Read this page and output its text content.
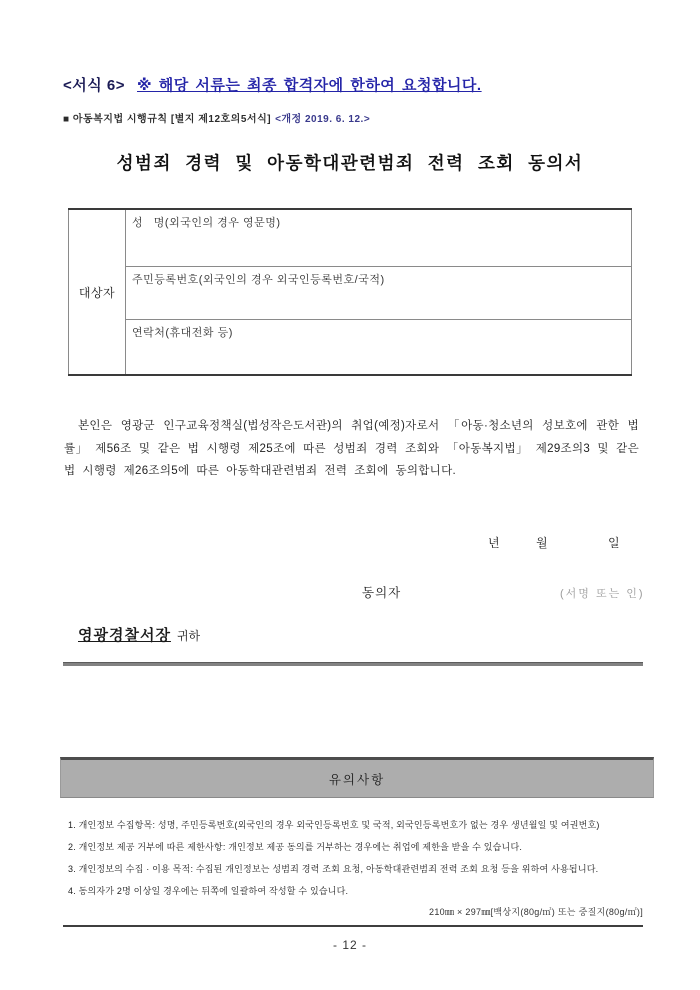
<서식 6> ※ 해당 서류는 최종 합격자에 한하여 요청합니다.
■ 아동복지법 시행규칙 [별지 제12호의5서식] <개정 2019. 6. 12.>
성범죄 경력 및 아동학대관련범죄 전력 조회 동의서
대상자	성   명(외국인의 경우 영문명)

주민등록번호(외국인의 경우 외국인등록번호/국적)

연락처(휴대전화 등)
본인은 영광군 인구교육정책실(법성작은도서관)의 취업(예정)자로서 「아동·청소년의 성보호에 관한 법률」 제56조 및 같은 법 시행령 제25조에 따른 성범죄 경력 조회와 「아동복지법」 제29조의3 및 같은 법 시행령 제26조의5에 따른 아동학대관련범죄 전력 조회에 동의합니다.
년	월	일
동의자	(서명 또는 인)
영광경찰서장 귀하
유의사항
1. 개인정보 수집항목: 성명, 주민등록번호(외국인의 경우 외국인등록번호 및 국적, 외국인등록번호가 없는 경우 생년월일 및 여권번호)
2. 개인정보 제공 거부에 따른 제한사항: 개인정보 제공 동의를 거부하는 경우에는 취업에 제한을 받을 수 있습니다.
3. 개인정보의 수집 · 이용 목적: 수집된 개인정보는 성범죄 경력 조회 요청, 아동학대관련범죄 전력 조회 요청 등을 위하여 사용됩니다.
4. 동의자가 2명 이상일 경우에는 뒤쪽에 일괄하여 작성할 수 있습니다.
210㎜ × 297㎜[백상지(80g/㎡) 또는 중질지(80g/㎡)]
- 12 -
